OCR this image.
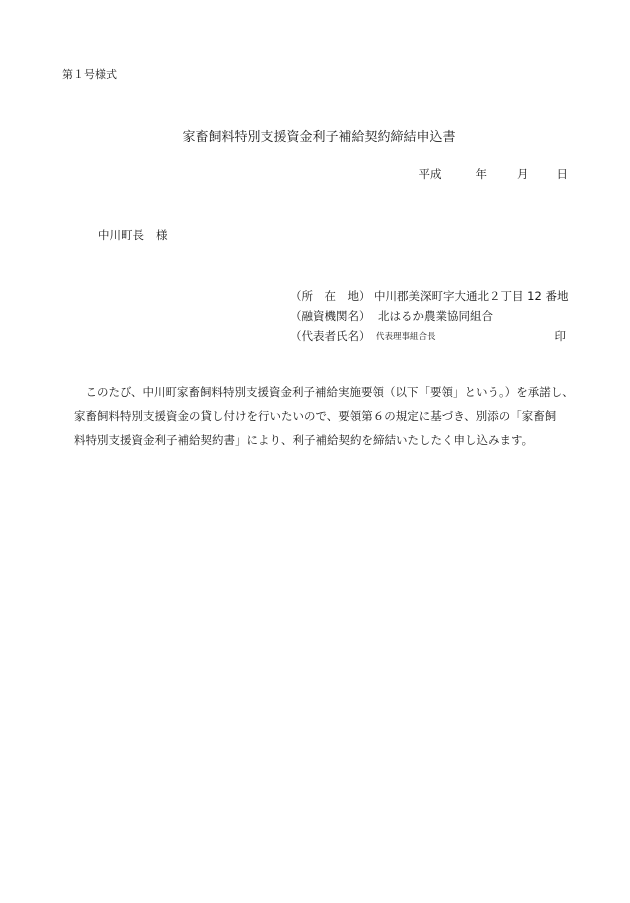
第１号様式
家畜飼料特別支援資金利子補給契約締結申込書
平成	年	月 日
中川町長 様
（所　在　地） 中川郡美深町字大通北２丁目 12 番地
（融資機関名） 北はるか農業協同組合
（代表者氏名） 代表理事組合長	印
　このたび、中川町家畜飼料特別支援資金利子補給実施要領（以下「要領」という。）を承諾し、
家畜飼料特別支援資金の貸し付けを行いたいので、要領第６の規定に基づき、別添の「家畜飼
料特別支援資金利子補給契約書」により、利子補給契約を締結いたしたく申し込みます。
